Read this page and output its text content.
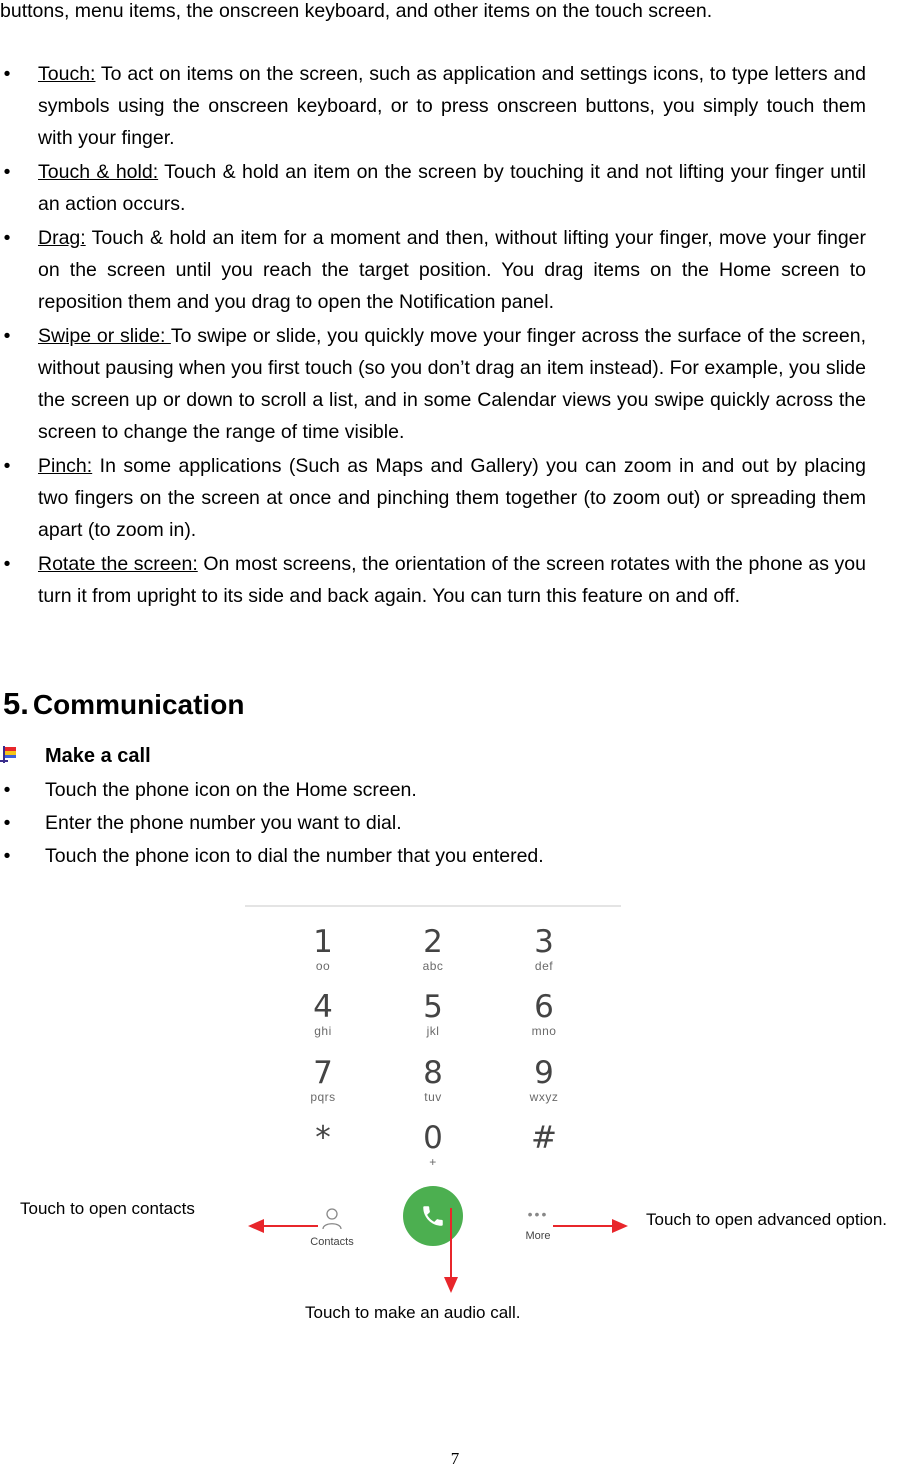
buttons, menu items, the onscreen keyboard, and other items on the touch screen.
• Touch: To act on items on the screen, such as application and settings icons, to type letters and symbols using the onscreen keyboard, or to press onscreen buttons, you simply touch them with your finger.
• Touch & hold: Touch & hold an item on the screen by touching it and not lifting your finger until an action occurs.
• Drag: Touch & hold an item for a moment and then, without lifting your finger, move your finger on the screen until you reach the target position. You drag items on the Home screen to reposition them and you drag to open the Notification panel.
• Swipe or slide: To swipe or slide, you quickly move your finger across the surface of the screen, without pausing when you first touch (so you don’t drag an item instead). For example, you slide the screen up or down to scroll a list, and in some Calendar views you swipe quickly across the screen to change the range of time visible.
• Pinch: In some applications (Such as Maps and Gallery) you can zoom in and out by placing two fingers on the screen at once and pinching them together (to zoom out) or spreading them apart (to zoom in).
• Rotate the screen: On most screens, the orientation of the screen rotates with the phone as you turn it from upright to its side and back again. You can turn this feature on and off.
5. Communication
Make a call
• Touch the phone icon on the Home screen.
• Enter the phone number you want to dial.
• Touch the phone icon to dial the number that you entered.
1
oo
2
abc
3
def
4
ghi
5
jkl
6
mno
7
pqrs
8
tuv
9
wxyz
*	0
+
#
Contacts
•••
More
Touch to open contacts
Touch to make an audio call.
Touch to open advanced option.
7
